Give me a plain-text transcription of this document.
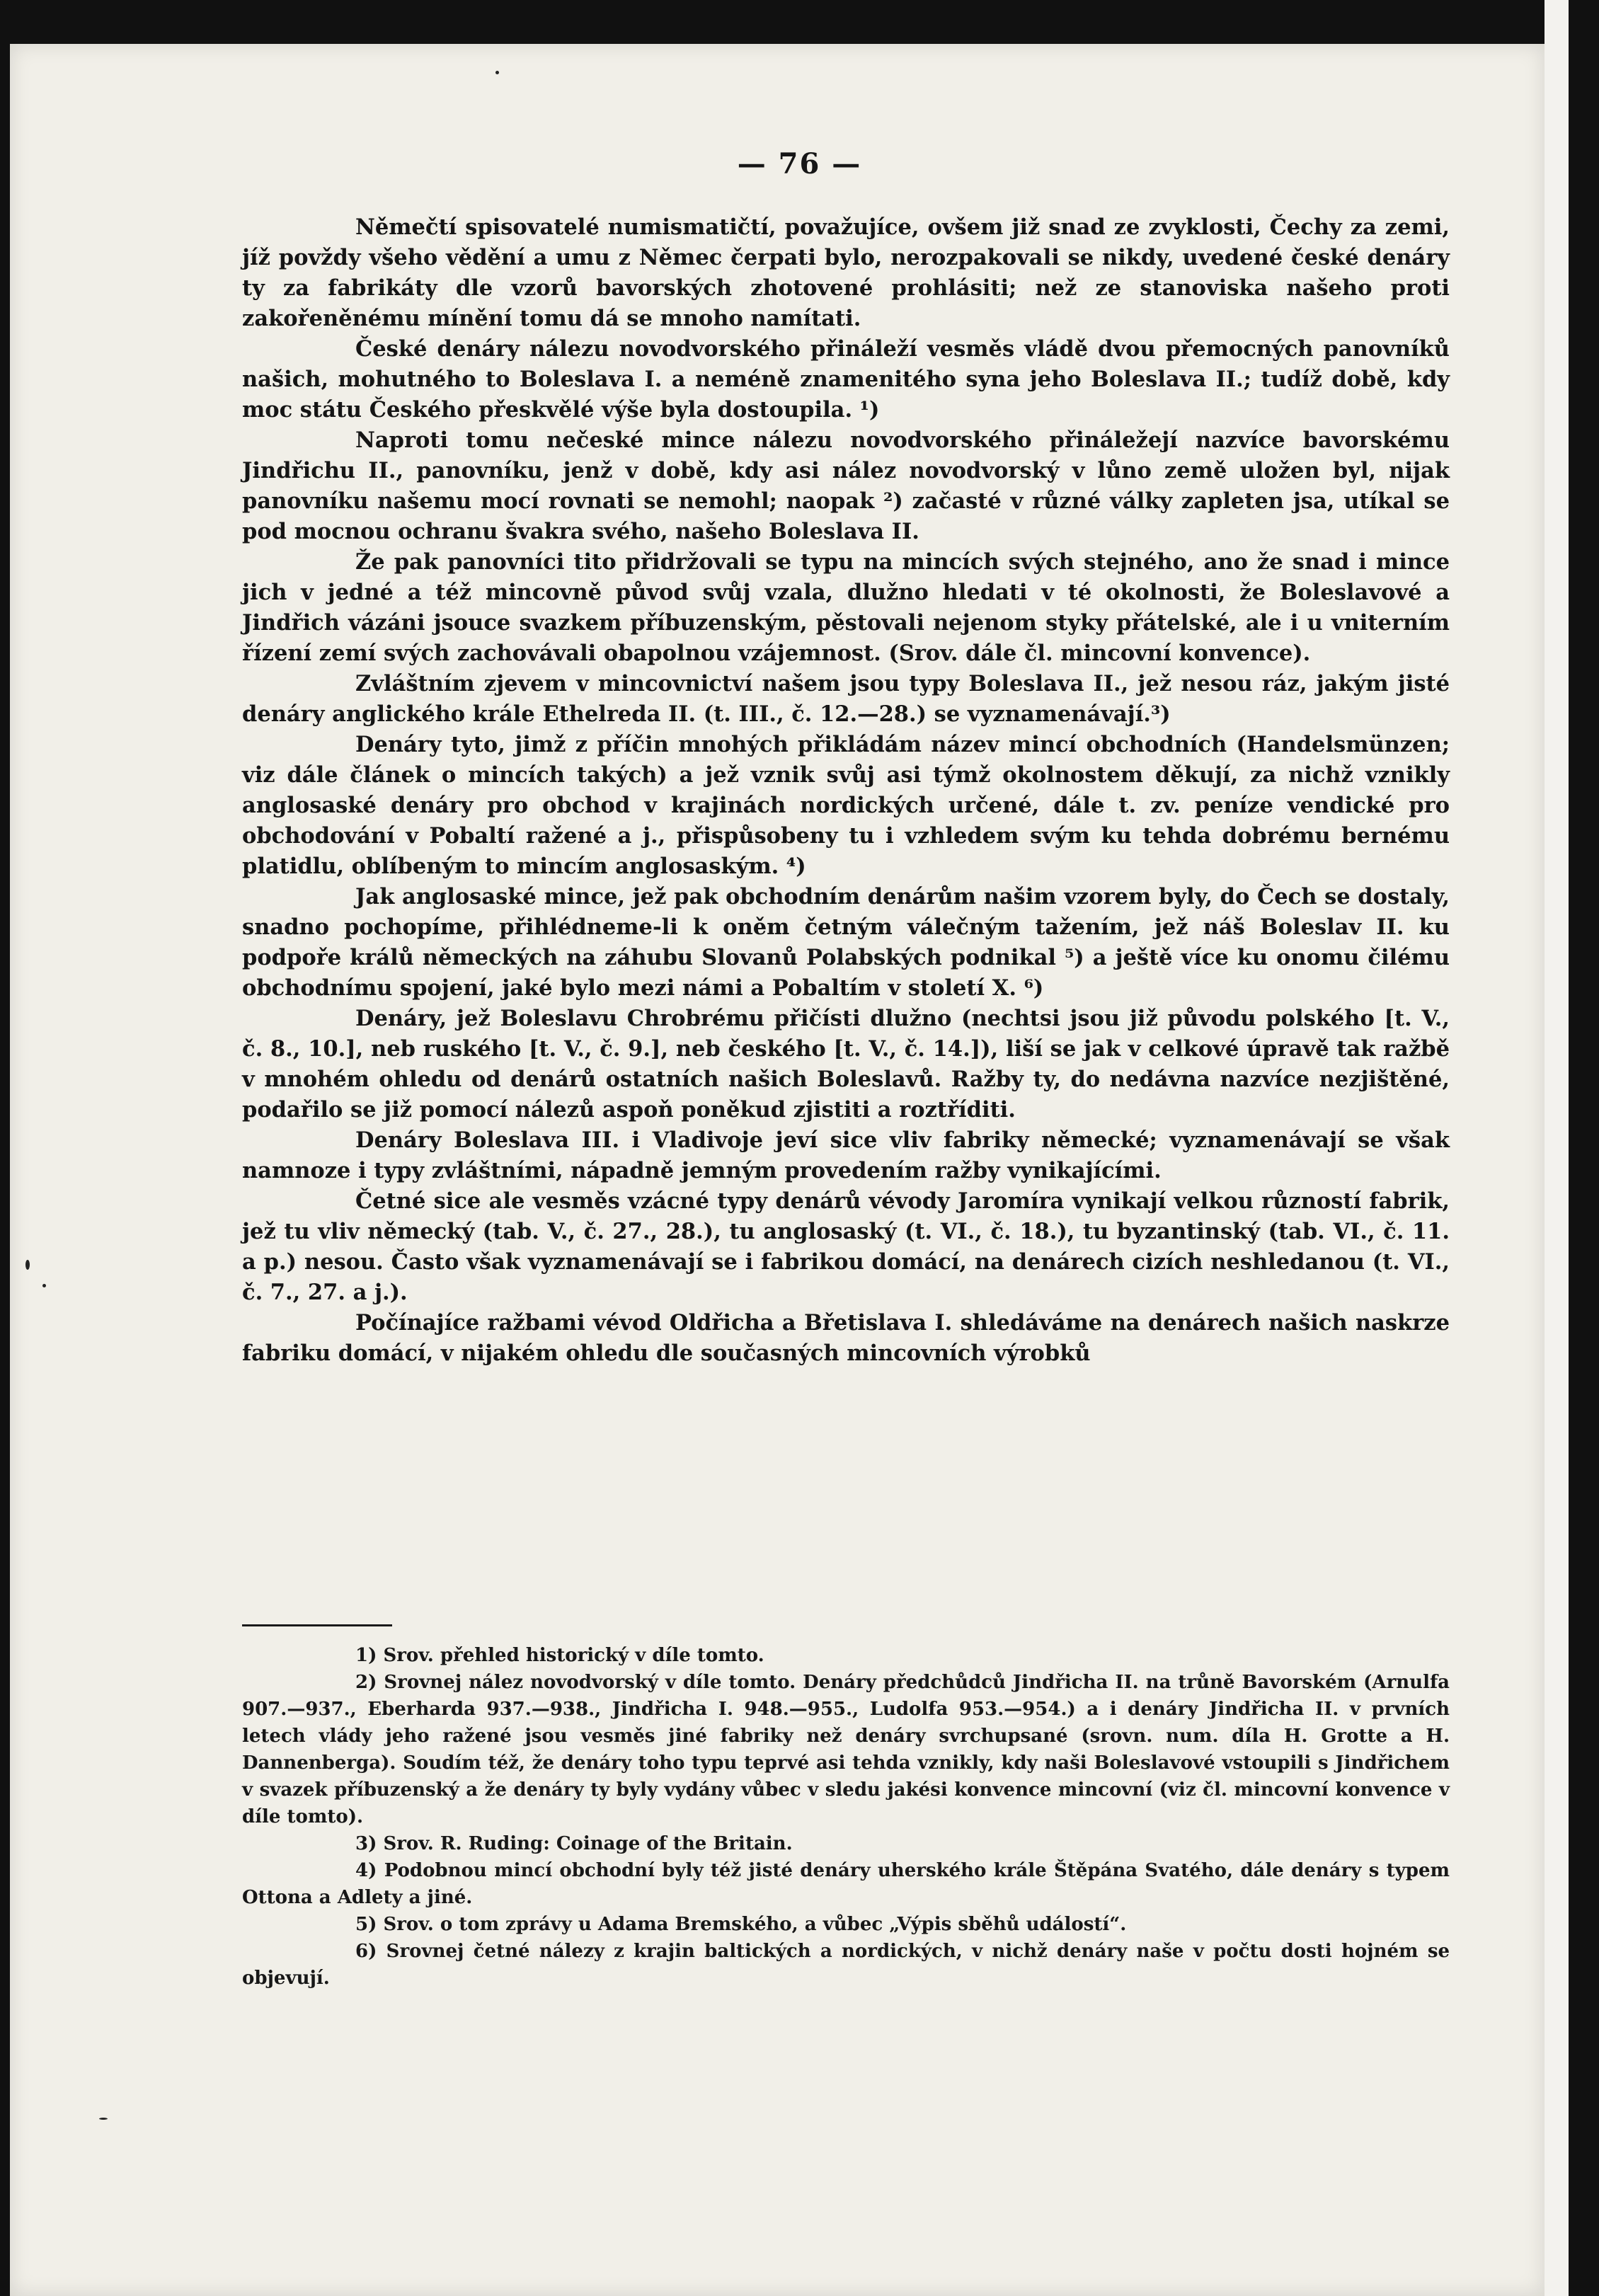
— 76 —

Němečtí spisovatelé numismatičtí, považujíce, ovšem již snad ze zvyklosti, Čechy za zemi, jíž povždy všeho vědění a umu z Němec čerpati bylo, nerozpakovali se nikdy, uvedené české denáry ty za fabrikáty dle vzorů bavorských zhotovené prohlásiti; než ze stanoviska našeho proti zakořeněnému mínění tomu dá se mnoho namítati.

České denáry nálezu novodvorského přináleží vesměs vládě dvou přemocných panovníků našich, mohutného to Boleslava I. a neméně znamenitého syna jeho Boleslava II.; tudíž době, kdy moc státu Českého přeskvělé výše byla dostoupila. ¹)

Naproti tomu nečeské mince nálezu novodvorského přináležejí nazvíce bavorskému Jindřichu II., panovníku, jenž v době, kdy asi nález novodvorský v lůno země uložen byl, nijak panovníku našemu mocí rovnati se nemohl; naopak ²) začasté v různé války zapleten jsa, utíkal se pod mocnou ochranu švakra svého, našeho Boleslava II.

Že pak panovníci tito přidržovali se typu na mincích svých stejného, ano že snad i mince jich v jedné a též mincovně původ svůj vzala, dlužno hledati v té okolnosti, že Boleslavové a Jindřich vázáni jsouce svazkem příbuzenským, pěstovali nejenom styky přátelské, ale i u vniterním řízení zemí svých zachovávali obapolnou vzájemnost. (Srov. dále čl. mincovní konvence).

Zvláštním zjevem v mincovnictví našem jsou typy Boleslava II., jež nesou ráz, jakým jisté denáry anglického krále Ethelreda II. (t. III., č. 12.—28.) se vyznamenávají.³)

Denáry tyto, jimž z příčin mnohých přikládám název mincí obchodních (Handelsmünzen; viz dále článek o mincích takých) a jež vznik svůj asi týmž okolnostem děkují, za nichž vznikly anglosaské denáry pro obchod v krajinách nordických určené, dále t. zv. peníze vendické pro obchodování v Pobaltí ražené a j., přispůsobeny tu i vzhledem svým ku tehda dobrému bernému platidlu, oblíbeným to mincím anglosaským. ⁴)

Jak anglosaské mince, jež pak obchodním denárům našim vzorem byly, do Čech se dostaly, snadno pochopíme, přihlédneme-li k oněm četným válečným tažením, jež náš Boleslav II. ku podpoře králů německých na záhubu Slovanů Polabských podnikal ⁵) a ještě více ku onomu čilému obchodnímu spojení, jaké bylo mezi námi a Pobaltím v století X. ⁶)

Denáry, jež Boleslavu Chrobrému přičísti dlužno (nechtsi jsou již původu polského [t. V., č. 8., 10.], neb ruského [t. V., č. 9.], neb českého [t. V., č. 14.]), liší se jak v celkové úpravě tak ražbě v mnohém ohledu od denárů ostatních našich Boleslavů. Ražby ty, do nedávna nazvíce nezjištěné, podařilo se již pomocí nálezů aspoň poněkud zjistiti a roztříditi.

Denáry Boleslava III. i Vladivoje jeví sice vliv fabriky německé; vyznamenávají se však namnoze i typy zvláštními, nápadně jemným provedením ražby vynikajícími.

Četné sice ale vesměs vzácné typy denárů vévody Jaromíra vynikají velkou růzností fabrik, jež tu vliv německý (tab. V., č. 27., 28.), tu anglosaský (t. VI., č. 18.), tu byzantinský (tab. VI., č. 11. a p.) nesou. Často však vyznamenávají se i fabrikou domácí, na denárech cizích neshledanou (t. VI., č. 7., 27. a j.).

Počínajíce ražbami vévod Oldřicha a Břetislava I. shledáváme na denárech našich naskrze fabriku domácí, v nijakém ohledu dle současných mincovních výrobků

1) Srov. přehled historický v díle tomto.

2) Srovnej nález novodvorský v díle tomto. Denáry předchůdců Jindřicha II. na trůně Bavorském (Arnulfa 907.—937., Eberharda 937.—938., Jindřicha I. 948.—955., Ludolfa 953.—954.) a i denáry Jindřicha II. v prvních letech vlády jeho ražené jsou vesměs jiné fabriky než denáry svrchupsané (srovn. num. díla H. Grotte a H. Dannenberga). Soudím též, že denáry toho typu teprvé asi tehda vznikly, kdy naši Boleslavové vstoupili s Jindřichem v svazek příbuzenský a že denáry ty byly vydány vůbec v sledu jakési konvence mincovní (viz čl. mincovní konvence v díle tomto).

3) Srov. R. Ruding: Coinage of the Britain.

4) Podobnou mincí obchodní byly též jisté denáry uherského krále Štěpána Svatého, dále denáry s typem Ottona a Adlety a jiné.

5) Srov. o tom zprávy u Adama Bremského, a vůbec „Výpis sběhů událostí“.

6) Srovnej četné nálezy z krajin baltických a nordických, v nichž denáry naše v počtu dosti hojném se objevují.
